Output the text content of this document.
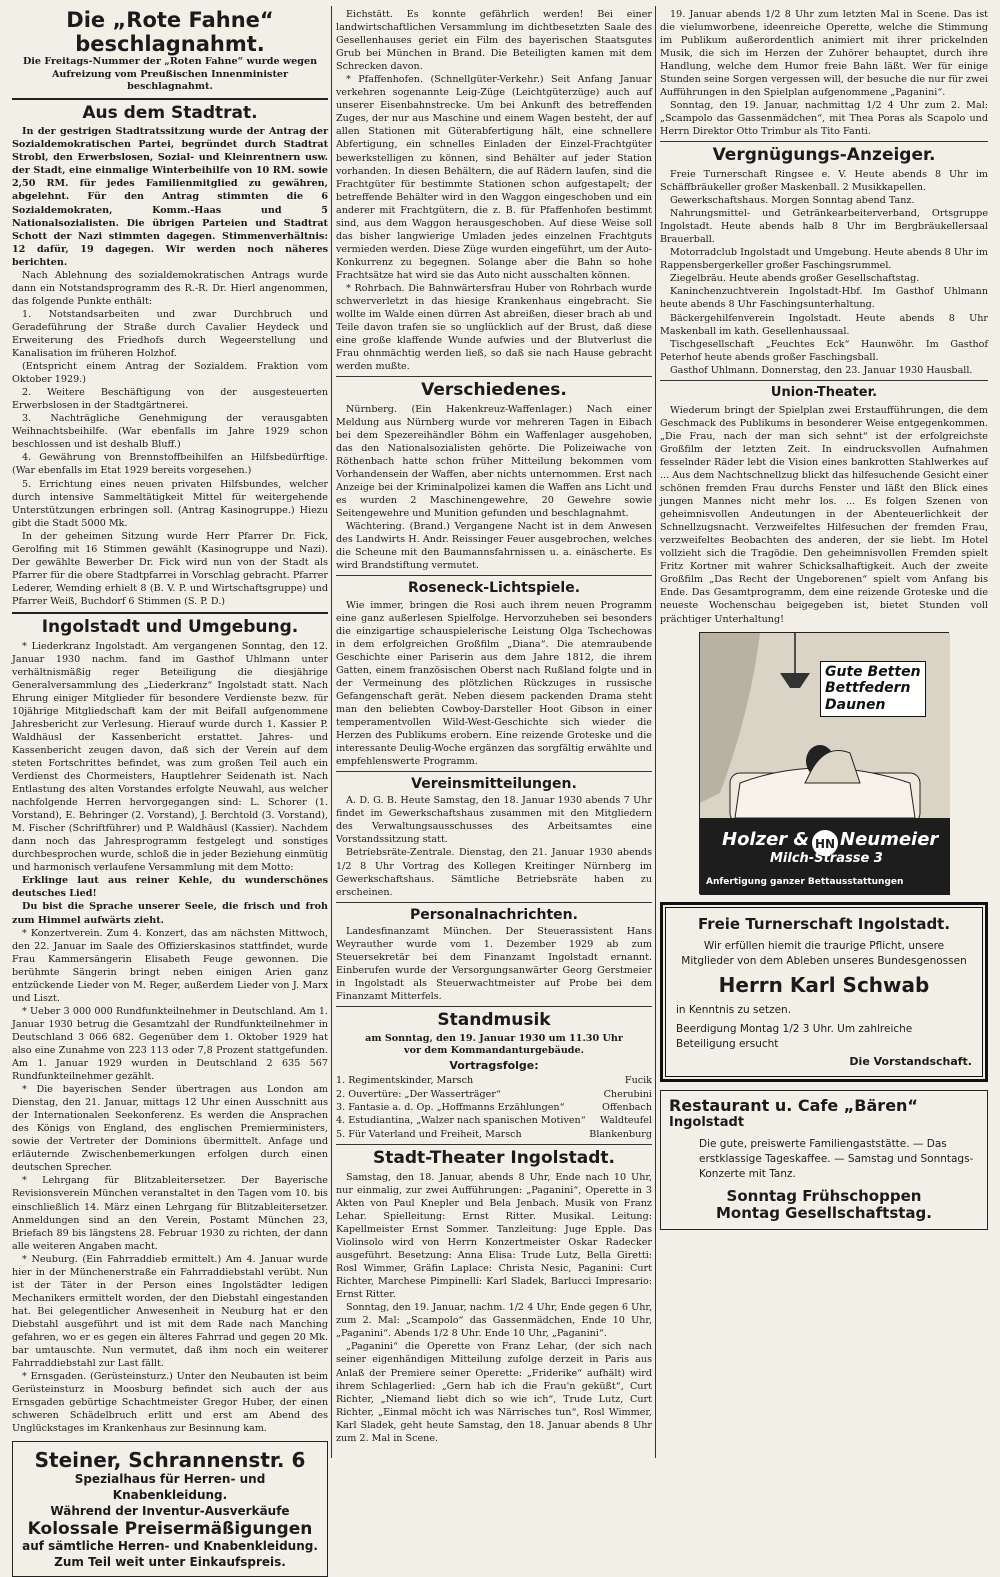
Die „Rote Fahne“ beschlagnahmt.
Die Freitags-Nummer der „Roten Fahne“ wurde wegen Aufreizung vom Preußischen Innenminister beschlagnahmt.
Aus dem Stadtrat.

In der gestrigen Stadtratssitzung wurde der Antrag der Sozialdemokratischen Partei, begründet durch Stadtrat Strobl, den Erwerbslosen, Sozial- und Kleinrentnern usw. der Stadt, eine einmalige Winterbeihilfe von 10 RM. sowie 2,50 RM. für jedes Familienmitglied zu gewähren, abgelehnt. Für den Antrag stimmten die 6 Sozialdemokraten, Komm.-Haas und 5 Nationalsozialisten. Die übrigen Parteien und Stadtrat Schott der Nazi stimmten dagegen. Stimmenverhältnis: 12 dafür, 19 dagegen. Wir werden noch näheres berichten.

Nach Ablehnung des sozialdemokratischen Antrags wurde dann ein Notstandsprogramm des R.-R. Dr. Hierl angenommen, das folgende Punkte enthält:

1. Notstandsarbeiten und zwar Durchbruch und Geradeführung der Straße durch Cavalier Heydeck und Erweiterung des Friedhofs durch Wegeerstellung und Kanalisation im früheren Holzhof.

(Entspricht einem Antrag der Sozialdem. Fraktion vom Oktober 1929.)

2. Weitere Beschäftigung von der ausgesteuerten Erwerbslosen in der Stadtgärtnerei.

3. Nachträgliche Genehmigung der verausgabten Weihnachtsbeihilfe. (War ebenfalls im Jahre 1929 schon beschlossen und ist deshalb Bluff.)

4. Gewährung von Brennstoffbeihilfen an Hilfsbedürftige. (War ebenfalls im Etat 1929 bereits vorgesehen.)

5. Errichtung eines neuen privaten Hilfsbundes, welcher durch intensive Sammeltätigkeit Mittel für weitergehende Unterstützungen erbringen soll. (Antrag Kasinogruppe.) Hiezu gibt die Stadt 5000 Mk.

In der geheimen Sitzung wurde Herr Pfarrer Dr. Fick, Gerolfing mit 16 Stimmen gewählt (Kasinogruppe und Nazi). Der gewählte Bewerber Dr. Fick wird nun von der Stadt als Pfarrer für die obere Stadtpfarrei in Vorschlag gebracht. Pfarrer Lederer, Wemding erhielt 8 (B. V. P. und Wirtschaftsgruppe) und Pfarrer Weiß, Buchdorf 6 Stimmen (S. P. D.)

Ingolstadt und Umgebung.

* Liederkranz Ingolstadt. Am vergangenen Sonntag, den 12. Januar 1930 nachm. fand im Gasthof Uhlmann unter verhältnismäßig reger Beteiligung die diesjährige Generalversammlung des „Liederkranz“ Ingolstadt statt. Nach Ehrung einiger Mitglieder für besondere Verdienste bezw. für 10jährige Mitgliedschaft kam der mit Beifall aufgenommene Jahresbericht zur Verlesung. Hierauf wurde durch 1. Kassier P. Waldhäusl der Kassenbericht erstattet. Jahres- und Kassenbericht zeugen davon, daß sich der Verein auf dem steten Fortschrittes befindet, was zum großen Teil auch ein Verdienst des Chormeisters, Hauptlehrer Seidenath ist. Nach Entlastung des alten Vorstandes erfolgte Neuwahl, aus welcher nachfolgende Herren hervorgegangen sind: L. Schorer (1. Vorstand), E. Behringer (2. Vorstand), J. Berchtold (3. Vorstand), M. Fischer (Schriftführer) und P. Waldhäusl (Kassier). Nachdem dann noch das Jahresprogramm festgelegt und sonstiges durchbesprochen wurde, schloß die in jeder Beziehung einmütig und harmonisch verlaufene Versammlung mit dem Motto:

Erklinge laut aus reiner Kehle, du wunderschönes deutsches Lied!

Du bist die Sprache unserer Seele, die frisch und froh zum Himmel aufwärts zieht.

* Konzertverein. Zum 4. Konzert, das am nächsten Mittwoch, den 22. Januar im Saale des Offizierskasinos stattfindet, wurde Frau Kammersängerin Elisabeth Feuge gewonnen. Die berühmte Sängerin bringt neben einigen Arien ganz entzückende Lieder von M. Reger, außerdem Lieder von J. Marx und Liszt.

* Ueber 3 000 000 Rundfunkteilnehmer in Deutschland. Am 1. Januar 1930 betrug die Gesamtzahl der Rundfunkteilnehmer in Deutschland 3 066 682. Gegenüber dem 1. Oktober 1929 hat also eine Zunahme von 223 113 oder 7,8 Prozent stattgefunden. Am 1. Januar 1929 wurden in Deutschland 2 635 567 Rundfunkteilnehmer gezählt.

* Die bayerischen Sender übertragen aus London am Dienstag, den 21. Januar, mittags 12 Uhr einen Ausschnitt aus der Internationalen Seekonferenz. Es werden die Ansprachen des Königs von England, des englischen Premierministers, sowie der Vertreter der Dominions übermittelt. Anfage und erläuternde Zwischenbemerkungen erfolgen durch einen deutschen Sprecher.

* Lehrgang für Blitzableitersetzer. Der Bayerische Revisionsverein München veranstaltet in den Tagen vom 10. bis einschließlich 14. März einen Lehrgang für Blitzableitersetzer. Anmeldungen sind an den Verein, Postamt München 23, Briefach 89 bis längstens 28. Februar 1930 zu richten, der dann alle weiteren Angaben macht.

* Neuburg. (Ein Fahrraddieb ermittelt.) Am 4. Januar wurde hier in der Münchenerstraße ein Fahrraddiebstahl verübt. Nun ist der Täter in der Person eines Ingolstädter ledigen Mechanikers ermittelt worden, der den Diebstahl eingestanden hat. Bei gelegentlicher Anwesenheit in Neuburg hat er den Diebstahl ausgeführt und ist mit dem Rade nach Manching gefahren, wo er es gegen ein älteres Fahrrad und gegen 20 Mk. bar umtauschte. Nun vermutet, daß ihm noch ein weiterer Fahrraddiebstahl zur Last fällt.

* Ernsgaden. (Gerüsteinsturz.) Unter den Neubauten ist beim Gerüsteinsturz in Moosburg befindet sich auch der aus Ernsgaden gebürtige Schachtmeister Gregor Huber, der einen schweren Schädelbruch erlitt und erst am Abend des Unglückstages im Krankenhaus zur Besinnung kam.

Steiner, Schrannenstr. 6
Spezialhaus für Herren- und Knabenkleidung.
Während der Inventur-Ausverkäufe
Kolossale Preisermäßigungen
auf sämtliche Herren- und Knabenkleidung.
Zum Teil weit unter Einkaufspreis.

Eichstätt. Es konnte gefährlich werden! Bei einer landwirtschaftlichen Versammlung im dichtbesetzten Saale des Gesellenhauses geriet ein Film des bayerischen Staatsgutes Grub bei München in Brand. Die Beteiligten kamen mit dem Schrecken davon.

* Pfaffenhofen. (Schnellgüter-Verkehr.) Seit Anfang Januar verkehren sogenannte Leig-Züge (Leichtgüterzüge) auch auf unserer Eisenbahnstrecke. Um bei Ankunft des betreffenden Zuges, der nur aus Maschine und einem Wagen besteht, der auf allen Stationen mit Güterabfertigung hält, eine schnellere Abfertigung, ein schnelles Einladen der Einzel-Frachtgüter bewerkstelligen zu können, sind Behälter auf jeder Station vorhanden. In diesen Behältern, die auf Rädern laufen, sind die Frachtgüter für bestimmte Stationen schon aufgestapelt; der betreffende Behälter wird in den Waggon eingeschoben und ein anderer mit Frachtgütern, die z. B. für Pfaffenhofen bestimmt sind, aus dem Waggon herausgeschoben. Auf diese Weise soll das bisher langwierige Umladen jedes einzelnen Frachtguts vermieden werden. Diese Züge wurden eingeführt, um der Auto-Konkurrenz zu begegnen. Solange aber die Bahn so hohe Frachtsätze hat wird sie das Auto nicht ausschalten können.

* Rohrbach. Die Bahnwärtersfrau Huber von Rohrbach wurde schwerverletzt in das hiesige Krankenhaus eingebracht. Sie wollte im Walde einen dürren Ast abreißen, dieser brach ab und Teile davon trafen sie so unglücklich auf der Brust, daß diese eine große klaffende Wunde aufwies und der Blutverlust die Frau ohnmächtig werden ließ, so daß sie nach Hause gebracht werden mußte.

Verschiedenes.

Nürnberg. (Ein Hakenkreuz-Waffenlager.) Nach einer Meldung aus Nürnberg wurde vor mehreren Tagen in Eibach bei dem Spezereihändler Böhm ein Waffenlager ausgehoben, das den Nationalsozialisten gehörte. Die Polizeiwache von Röthenbach hatte schon früher Mitteilung bekommen vom Vorhandensein der Waffen, aber nichts unternommen. Erst nach Anzeige bei der Kriminalpolizei kamen die Waffen ans Licht und es wurden 2 Maschinengewehre, 20 Gewehre sowie Seitengewehre und Munition gefunden und beschlagnahmt.

Wächtering. (Brand.) Vergangene Nacht ist in dem Anwesen des Landwirts H. Andr. Reissinger Feuer ausgebrochen, welches die Scheune mit den Baumannsfahrnissen u. a. einäscherte. Es wird Brandstiftung vermutet.

Roseneck-Lichtspiele.

Wie immer, bringen die Rosi auch ihrem neuen Programm eine ganz außerlesen Spielfolge. Hervorzuheben sei besonders die einzigartige schauspielerische Leistung Olga Tschechowas in dem erfolgreichen Großfilm „Diana“. Die atemraubende Geschichte einer Pariserin aus dem Jahre 1812, die ihrem Gatten, einem französischen Oberst nach Rußland folgte und in der Vermeinung des plötzlichen Rückzuges in russische Gefangenschaft gerät. Neben diesem packenden Drama steht man den beliebten Cowboy-Darsteller Hoot Gibson in einer temperamentvollen Wild-West-Geschichte sich wieder die Herzen des Publikums erobern. Eine reizende Groteske und die interessante Deulig-Woche ergänzen das sorgfältig erwählte und empfehlenswerte Programm.

Vereinsmitteilungen.

A. D. G. B. Heute Samstag, den 18. Januar 1930 abends 7 Uhr findet im Gewerkschaftshaus zusammen mit den Mitgliedern des Verwaltungsausschusses des Arbeitsamtes eine Vorstandssitzung statt.

Betriebsräte-Zentrale. Dienstag, den 21. Januar 1930 abends 1/2 8 Uhr Vortrag des Kollegen Kreitinger Nürnberg im Gewerkschaftshaus. Sämtliche Betriebsräte haben zu erscheinen.

Personalnachrichten.

Landesfinanzamt München. Der Steuerassistent Hans Weyrauther wurde vom 1. Dezember 1929 ab zum Steuersekretär bei dem Finanzamt Ingolstadt ernannt. Einberufen wurde der Versorgungsanwärter Georg Gerstmeier in Ingolstadt als Steuerwachtmeister auf Probe bei dem Finanzamt Mitterfels.

Standmusik
am Sonntag, den 19. Januar 1930 um 11.30 Uhr
vor dem Kommandanturgebäude.
Vortragsfolge:
1. Regimentskinder, Marsch	Fucik
2. Ouvertüre: „Der Wasserträger“	Cherubini
3. Fantasie a. d. Op. „Hoffmanns Erzählungen“	Offenbach
4. Estudiantina, „Walzer nach spanischen Motiven“ Waldteufel
5. Für Vaterland und Freiheit, Marsch	Blankenburg
Stadt-Theater Ingolstadt.

Samstag, den 18. Januar, abends 8 Uhr, Ende nach 10 Uhr, nur einmalig, zur zwei Aufführungen: „Paganini“, Operette in 3 Akten von Paul Knepler und Bela Jenbach. Musik von Franz Lehar. Spielleitung: Ernst Ritter. Musikal. Leitung: Kapellmeister Ernst Sommer. Tanzleitung: Juge Epple. Das Violinsolo wird von Herrn Konzertmeister Oskar Radecker ausgeführt. Besetzung: Anna Elisa: Trude Lutz, Bella Giretti: Rosl Wimmer, Gräfin Laplace: Christa Nesic, Paganini: Curt Richter, Marchese Pimpinelli: Karl Sladek, Barlucci Impresario: Ernst Ritter.

Sonntag, den 19. Januar, nachm. 1/2 4 Uhr, Ende gegen 6 Uhr, zum 2. Mal: „Scampolo“ das Gassenmädchen, Ende 10 Uhr, „Paganini“. Abends 1/2 8 Uhr. Ende 10 Uhr, „Paganini“.

„Paganini“ die Operette von Franz Lehar, (der sich nach seiner eigenhändigen Mitteilung zufolge derzeit in Paris aus Anlaß der Premiere seiner Operette: „Friderike“ aufhält) wird ihrem Schlagerlied: „Gern hab ich die Frau'n geküßt“, Curt Richter, „Niemand liebt dich so wie ich“, Trude Lutz, Curt Richter, „Einmal möcht ich was Närrisches tun“, Rosl Wimmer, Karl Sladek, geht heute Samstag, den 18. Januar abends 8 Uhr zum 2. Mal in Scene.

19. Januar abends 1/2 8 Uhr zum letzten Mal in Scene. Das ist die vielumworbene, ideenreiche Operette, welche die Stimmung im Publikum außerordentlich animiert mit ihrer prickelnden Musik, die sich im Herzen der Zuhörer behauptet, durch ihre Handlung, welche dem Humor freie Bahn läßt. Wer für einige Stunden seine Sorgen vergessen will, der besuche die nur für zwei Aufführungen in den Spielplan aufgenommene „Paganini“.

Sonntag, den 19. Januar, nachmittag 1/2 4 Uhr zum 2. Mal: „Scampolo das Gassenmädchen“, mit Thea Poras als Scapolo und Herrn Direktor Otto Trimbur als Tito Fanti.

Vergnügungs-Anzeiger.

Freie Turnerschaft Ringsee e. V. Heute abends 8 Uhr im Schäffbräukeller großer Maskenball. 2 Musikkapellen.

Gewerkschaftshaus. Morgen Sonntag abend Tanz.

Nahrungsmittel- und Getränkearbeiterverband, Ortsgruppe Ingolstadt. Heute abends halb 8 Uhr im Bergbräukellersaal Brauerball.

Motorradclub Ingolstadt und Umgebung. Heute abends 8 Uhr im Rappensbergerkeller großer Faschingsrummel.

Ziegelbräu. Heute abends großer Gesellschaftstag.

Kaninchenzuchtverein Ingolstadt-Hbf. Im Gasthof Uhlmann heute abends 8 Uhr Faschingsunterhaltung.

Bäckergehilfenverein Ingolstadt. Heute abends 8 Uhr Maskenball im kath. Gesellenhaussaal.

Tischgesellschaft „Feuchtes Eck“ Haunwöhr. Im Gasthof Peterhof heute abends großer Faschingsball.

Gasthof Uhlmann. Donnerstag, den 23. Januar 1930 Hausball.

Union-Theater.

Wiederum bringt der Spielplan zwei Erstaufführungen, die dem Geschmack des Publikums in besonderer Weise entgegenkommen. „Die Frau, nach der man sich sehnt“ ist der erfolgreichste Großfilm der letzten Zeit. In eindrucksvollen Aufnahmen fesselnder Räder lebt die Vision eines bankrotten Stahlwerkes auf ... Aus dem Nachtschnellzug blickt das hilfesuchende Gesicht einer schönen fremden Frau durchs Fenster und läßt den Blick eines jungen Mannes nicht mehr los. ... Es folgen Szenen von geheimnisvollen Andeutungen in der Abenteuerlichkeit der Schnellzugsnacht. Verzweifeltes Hilfesuchen der fremden Frau, verzweifeltes Beobachten des anderen, der sie liebt. Im Hotel vollzieht sich die Tragödie. Den geheimnisvollen Fremden spielt Fritz Kortner mit wahrer Schicksalhaftigkeit. Auch der zweite Großfilm „Das Recht der Ungeborenen“ spielt vom Anfang bis Ende. Das Gesamtprogramm, dem eine reizende Groteske und die neueste Wochenschau beigegeben ist, bietet Stunden voll prächtiger Unterhaltung!

HN
Gute Betten
Bettfedern
Daunen
Holzer & Neumeier
Milch-Strasse 3
Anfertigung ganzer Bettausstattungen
Freie Turnerschaft Ingolstadt.
Wir erfüllen hiemit die traurige Pflicht, unsere Mitglieder von dem Ableben unseres Bundesgenossen
Herrn Karl Schwab
in Kenntnis zu setzen.
Beerdigung Montag 1/2 3 Uhr. Um zahlreiche Beteiligung ersucht
Die Vorstandschaft.
Restaurant u. Cafe „Bären“
Ingolstadt
Die gute, preiswerte Familiengaststätte. — Das erstklassige Tageskaffee. — Samstag und Sonntags-Konzerte mit Tanz.
Sonntag Frühschoppen
Montag Gesellschaftstag.
